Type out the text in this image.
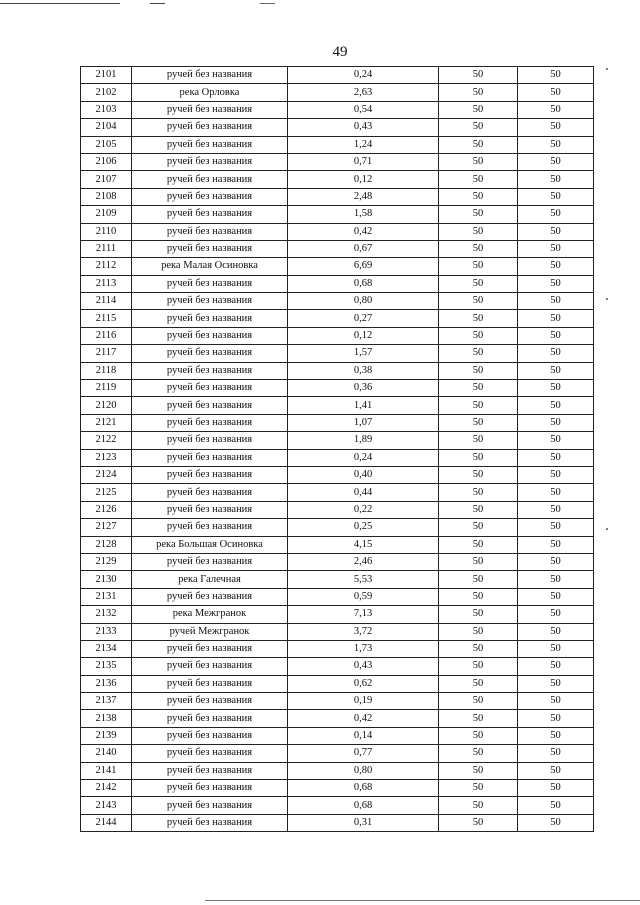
49
2101	ручей без названия	0,24	50	50
2102	река Орловка	2,63	50	50
2103	ручей без названия	0,54	50	50
2104	ручей без названия	0,43	50	50
2105	ручей без названия	1,24	50	50
2106	ручей без названия	0,71	50	50
2107	ручей без названия	0,12	50	50
2108	ручей без названия	2,48	50	50
2109	ручей без названия	1,58	50	50
2110	ручей без названия	0,42	50	50
2111	ручей без названия	0,67	50	50
2112	река Малая Осиновка	6,69	50	50
2113	ручей без названия	0,68	50	50
2114	ручей без названия	0,80	50	50
2115	ручей без названия	0,27	50	50
2116	ручей без названия	0,12	50	50
2117	ручей без названия	1,57	50	50
2118	ручей без названия	0,38	50	50
2119	ручей без названия	0,36	50	50
2120	ручей без названия	1,41	50	50
2121	ручей без названия	1,07	50	50
2122	ручей без названия	1,89	50	50
2123	ручей без названия	0,24	50	50
2124	ручей без названия	0,40	50	50
2125	ручей без названия	0,44	50	50
2126	ручей без названия	0,22	50	50
2127	ручей без названия	0,25	50	50
2128	река Большая Осиновка	4,15	50	50
2129	ручей без названия	2,46	50	50
2130	река Галечная	5,53	50	50
2131	ручей без названия	0,59	50	50
2132	река Межгранок	7,13	50	50
2133	ручей Межгранок	3,72	50	50
2134	ручей без названия	1,73	50	50
2135	ручей без названия	0,43	50	50
2136	ручей без названия	0,62	50	50
2137	ручей без названия	0,19	50	50
2138	ручей без названия	0,42	50	50
2139	ручей без названия	0,14	50	50
2140	ручей без названия	0,77	50	50
2141	ручей без названия	0,80	50	50
2142	ручей без названия	0,68	50	50
2143	ручей без названия	0,68	50	50
2144	ручей без названия	0,31	50	50
